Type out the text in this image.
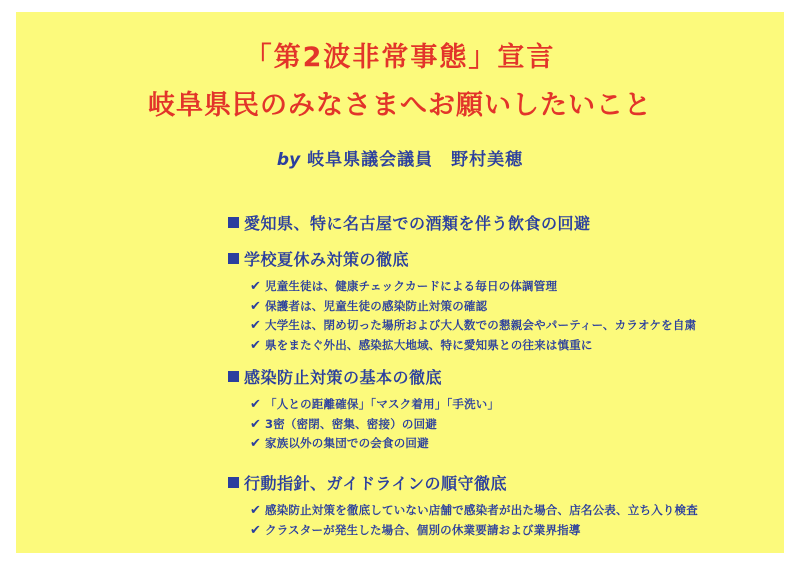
「第2波非常事態」宣言
岐阜県民のみなさまへお願いしたいこと
by 岐阜県議会議員　野村美穂
愛知県、特に名古屋での酒類を伴う飲食の回避
学校夏休み対策の徹底
✔ 児童生徒は、健康チェックカードによる毎日の体調管理
✔ 保護者は、児童生徒の感染防止対策の確認
✔ 大学生は、閉め切った場所および大人数での懇親会やパーティー、カラオケを自粛
✔ 県をまたぐ外出、感染拡大地域、特に愛知県との往来は慎重に
感染防止対策の基本の徹底
✔ 「人との距離確保」「マスク着用」「手洗い」
✔ 3密（密閉、密集、密接）の回避
✔ 家族以外の集団での会食の回避
行動指針、ガイドラインの順守徹底
✔ 感染防止対策を徹底していない店舗で感染者が出た場合、店名公表、立ち入り検査
✔ クラスターが発生した場合、個別の休業要請および業界指導
